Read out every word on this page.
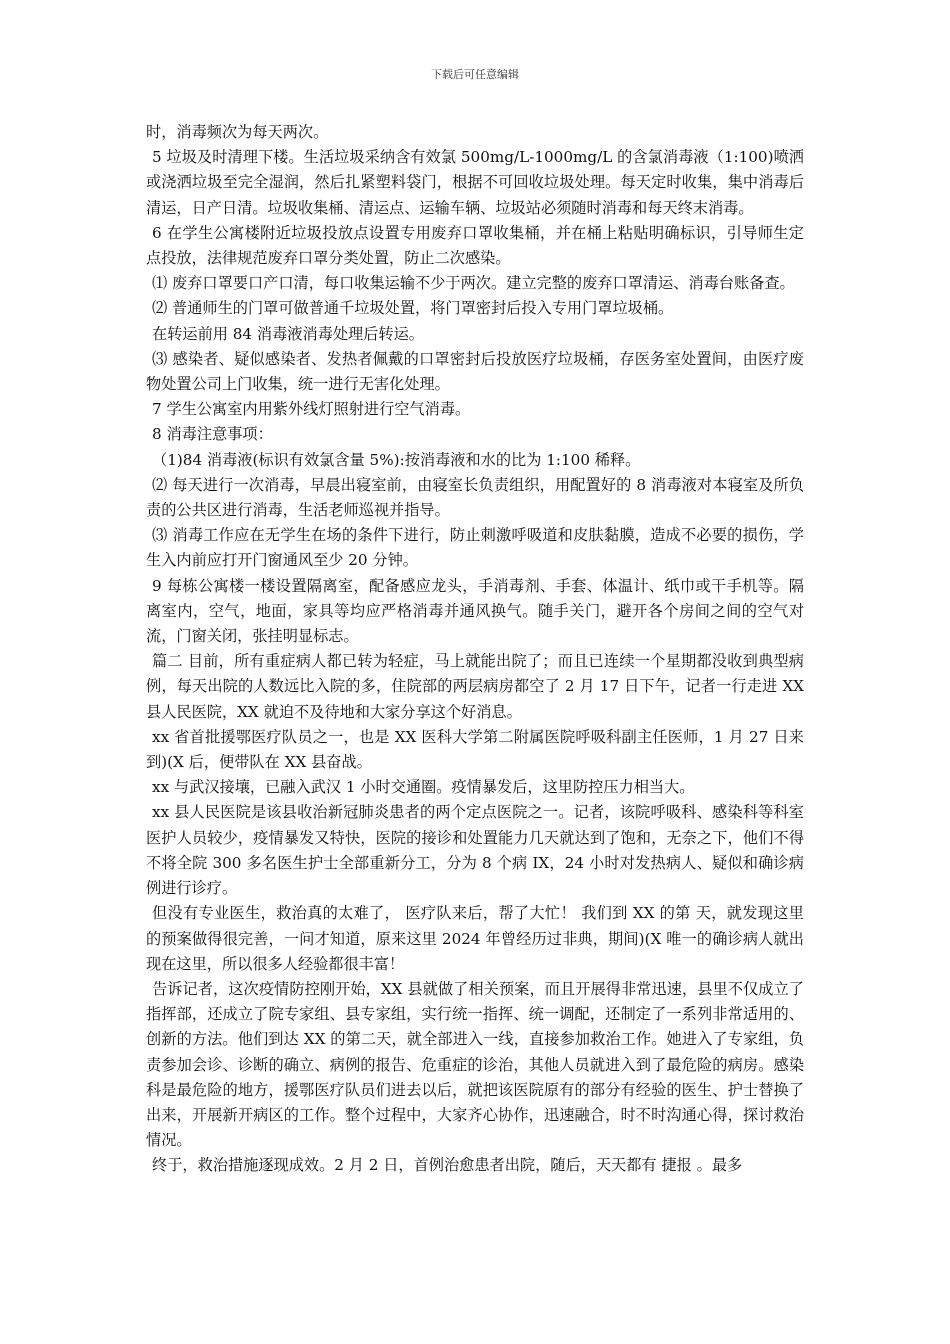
下载后可任意编辑

时，消毒频次为每天两次。

5 垃圾及时清理下楼。生活垃圾采纳含有效氯 500mg/L-1000mg/L 的含氯消毒液（1:100)喷洒或浇洒垃圾至完全湿润，然后扎紧塑料袋门，根据不可回收垃圾处理。每天定时收集，集中消毒后清运，日产日清。垃圾收集桶、清运点、运输车辆、垃圾站必须随时消毒和每天终末消毒。

6 在学生公寓楼附近垃圾投放点设置专用废弃口罩收集桶，并在桶上粘贴明确标识，引导师生定点投放，法律规范废弃口罩分类处置，防止二次感染。

⑴ 废弃口罩要口产口清，每口收集运输不少于两次。建立完整的废弃口罩清运、消毒台账备查。

⑵ 普通师生的门罩可做普通千垃圾处置，将门罩密封后投入专用门罩垃圾桶。

在转运前用 84 消毒液消毒处理后转运。

⑶ 感染者、疑似感染者、发热者佩戴的口罩密封后投放医疗垃圾桶，存医务室处置间，由医疗废物处置公司上门收集，统一进行无害化处理。

7 学生公寓室内用紫外线灯照射进行空气消毒。

8 消毒注意事项：

（1)84 消毒液(标识有效氯含量 5%):按消毒液和水的比为 1:100 稀释。

⑵ 每天进行一次消毒，早晨出寝室前，由寝室长负责组织，用配置好的 8 消毒液对本寝室及所负责的公共区进行消毒，生活老师巡视并指导。

⑶ 消毒工作应在无学生在场的条件下进行，防止刺激呼吸道和皮肤黏膜，造成不必要的损伤，学生入内前应打开门窗通风至少 20 分钟。

9 每栋公寓楼一楼设置隔离室，配备感应龙头，手消毒剂、手套、体温计、纸巾或干手机等。隔离室内，空气，地面，家具等均应严格消毒并通风换气。随手关门，避开各个房间之间的空气对流，门窗关闭，张挂明显标志。

篇二 目前，所有重症病人都已转为轻症，马上就能出院了；而且已连续一个星期都没收到典型病例，每天出院的人数远比入院的多，住院部的两层病房都空了 2 月 17 日下午，记者一行走进 XX 县人民医院，XX 就迫不及待地和大家分享这个好消息。

xx 省首批援鄂医疗队员之一，也是 XX 医科大学第二附属医院呼吸科副主任医师，1 月 27 日来到)(X 后，便带队在 XX 县奋战。

xx 与武汉接壤，已融入武汉 1 小时交通圈。疫情暴发后，这里防控压力相当大。

xx 县人民医院是该县收治新冠肺炎患者的两个定点医院之一。记者，该院呼吸科、感染科等科室医护人员较少，疫情暴发又特快，医院的接诊和处置能力几天就达到了饱和，无奈之下，他们不得不将全院 300 多名医生护士全部重新分工，分为 8 个病 IX，24 小时对发热病人、疑似和确诊病例进行诊疗。

但没有专业医生，救治真的太难了， 医疗队来后，帮了大忙！ 我们到 XX 的第 天，就发现这里的预案做得很完善，一问才知道，原来这里 2024 年曾经历过非典，期间)(X 唯一的确诊病人就出现在这里，所以很多人经验都很丰富！

告诉记者，这次疫情防控刚开始，XX 县就做了相关预案，而且开展得非常迅速，县里不仅成立了指挥部，还成立了院专家组、县专家组，实行统一指挥、统一调配，还制定了一系列非常适用的、创新的方法。他们到达 XX 的第二天，就全部进入一线，直接参加救治工作。她进入了专家组，负责参加会诊、诊断的确立、病例的报告、危重症的诊治，其他人员就进入到了最危险的病房。感染科是最危险的地方，援鄂医疗队员们进去以后，就把该医院原有的部分有经验的医生、护士替换了出来，开展新开病区的工作。整个过程中，大家齐心协作，迅速融合，时不时沟通心得，探讨救治情况。

终于，救治措施逐现成效。2 月 2 日，首例治愈患者出院，随后，天天都有 捷报 。最多
